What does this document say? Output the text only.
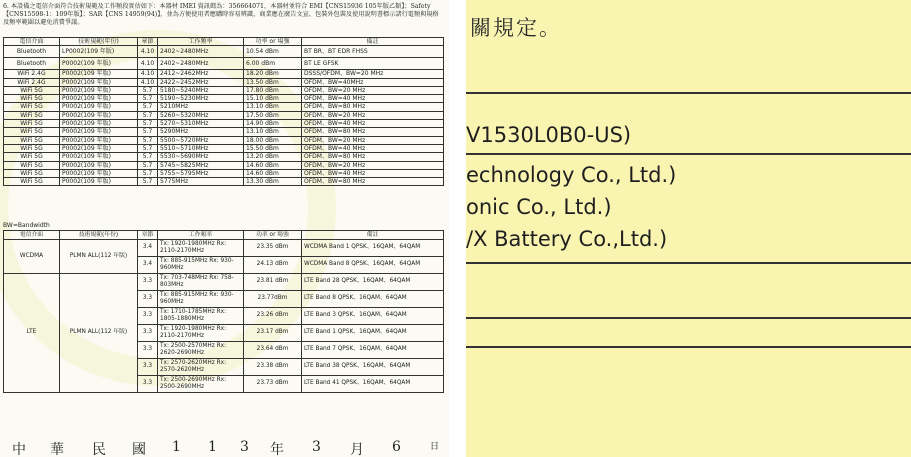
6. 本設備之電信介面符合技術規範及工作頻段實估如下：本器材 IMEI 資訊碼為：356664071，本器材並符合 EMI【CNS15936 105年版乙類】；Safety【CNS15598-1：109年版】；SAR【CNS 14959(94)】，並為方便使用者應購時容易辨識，商業應在廣告文宣、包裝外包裝及使用說明書標示諸行電頻與規格及頻率範圍以避免消費爭議。
電信介面	技術規範(年份)	章節	工作頻率	功率 or 場強	備註
Bluetooth	LP0002(109 年版)	4.10	2402~2480MHz	10.54 dBm	BT BR、BT EDR FHSS
Bluetooth	P0002(109 年版)	4.10	2402~2480MHz	6.00 dBm	BT LE GFSK
WiFi 2.4G	P0002(109 年版)	4.10	2412~2462MHz	18.20 dBm	DSSS/OFDM、BW=20 MHz
WiFi 2.4G	P0002(109 年版)	4.10	2422~2452MHz	13.50 dBm	OFDM、BW=40MHz
WiFi 5G	P0002(109 年版)	5.7	5180~5240MHz	17.80 dBm	OFDM、BW=20 MHz
WiFi 5G	P0002(109 年版)	5.7	5190~5230MHz	15.10 dBm	OFDM、BW=40 MHz
WiFi 5G	P0002(109 年版)	5.7	5210MHz	13.10 dBm	OFDM、BW=80 MHz
WiFi 5G	P0002(109 年版)	5.7	5260~5320MHz	17.50 dBm	OFDM、BW=20 MHz
WiFi 5G	P0002(109 年版)	5.7	5270~5310MHz	14.90 dBm	OFDM、BW=40 MHz
WiFi 5G	P0002(109 年版)	5.7	5290MHz	13.10 dBm	OFDM、BW=80 MHz
WiFi 5G	P0002(109 年版)	5.7	5500~5720MHz	18.00 dBm	OFDM、BW=20 MHz
WiFi 5G	P0002(109 年版)	5.7	5510~5710MHz	15.50 dBm	OFDM、BW=40 MHz
WiFi 5G	P0002(109 年版)	5.7	5530~5690MHz	13.20 dBm	OFDM、BW=80 MHz
WiFi 5G	P0002(109 年版)	5.7	5745~5825MHz	14.60 dBm	OFDM、BW=20 MHz
WiFi 5G	P0002(109 年版)	5.7	5755~5795MHz	14.60 dBm	OFDM、BW=40 MHz
WiFi 5G	P0002(109 年版)	5.7	5775MHz	13.30 dBm	OFDM、BW=80 MHz
BW=Bandwidth
電信介面	技術規範(年份)	章節	工作頻率	功率 or 場強	備註
WCDMA	PLMN ALL(112 年版)	3.4	Tx: 1920-1980MHz Rx: 2110-2170MHz	23.35 dBm	WCDMA Band 1 QPSK、16QAM、64QAM
		3.4	Tx: 885-915MHz Rx: 930-960MHz	24.13 dBm	WCDMA Band 8 QPSK、16QAM、64QAM
LTE	PLMN ALL(112 年版)	3.3	Tx: 703-748MHz Rx: 758-803MHz	23.81 dBm	LTE Band 28 QPSK、16QAM、64QAM
		3.3	Tx: 885-915MHz Rx: 930-960MHz	23.77dBm	LTE Band 8 QPSK、16QAM、64QAM
		3.3	Tx: 1710-1785MHz Rx: 1805-1880MHz	23.26 dBm	LTE Band 3 QPSK、16QAM、64QAM
		3.3	Tx: 1920-1980MHz Rx: 2110-2170MHz	23.17 dBm	LTE Band 1 QPSK、16QAM、64QAM
		3.3	Tx: 2500-2570MHz Rx: 2620-2690MHz	23.64 dBm	LTE Band 7 QPSK、16QAM、64QAM
		3.3	Tx: 2570-2620MHz Rx: 2570-2620MHz	23.38 dBm	LTE Band 38 QPSK、16QAM、64QAM
		3.3	Tx: 2500-2690MHz Rx: 2500-2690MHz	23.73 dBm	LTE Band 41 QPSK、16QAM、64QAM
中 華 民 國 1 1 3 年 3 月 6	日
關規定。
V1530L0B0-US)
echnology Co., Ltd.)
onic Co., Ltd.)
/X Battery Co.,Ltd.)
